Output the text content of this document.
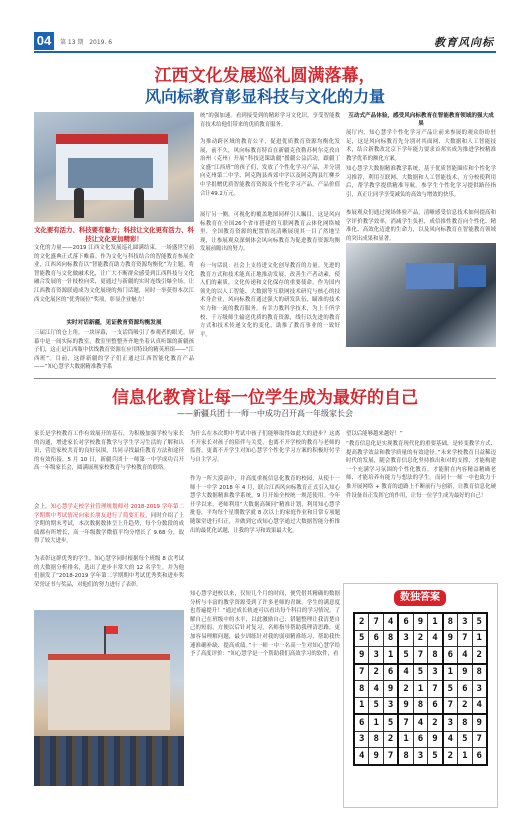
04	第 13 期 2019. 6	教育风向标
江西文化发展巡礼圆满落幕，
风向标教育彰显科技与文化的力量
文化要有活力、科技要有魅力；科技让文化更有活力、科技让文化更加精彩！
文化的力量——2019 江西文化发展巡礼圆满结束。一场盛世空前的文化盛典正式落下帷幕。作为文化与科技结合的智能教育参展企业，江西风向标教育以“智能教育助力教育资源均衡化”为主题，将智能教育与文化做融术化，让广大不断群众感受到江西科技与文化融合发展的一针枝校向荣，更通过与新疆的实时连线引爆全场，让江西教育资源联通成为文化展现的热门话题，同时一举获得本次江西文化展区的“优秀展位”奖项，彰显企业魅力！
实时对话新疆，见证教育资源均衡发展
三届江厅的仓上角，一块屏幕，一支话筒吸引了参观者的眼光。屏幕中是一间实际的教室，教室里整整齐齐地坐着认真听课的新疆孩子们，这正是江西瓶中伏线教育资源在应用特设的精英班组——“江西班”。目前，这群新疆的学子们正通过江西智能化教育产品——“知心慧学大数据精准教学系
统”的强加速。看到接受到的精彩学习文化识，享受智能教育技术给他们带来的优质教育服务。
为推动跨区域的教育公平，促进优质教育资源均衡化发展，前不久，风向标教育特首在新疆克孜勒苏柯尔克孜自治州（克州）开展“科技送课助疆”援疆公益活动，跟疆丁文盛“江西班”的孩子们，发放了个性化学习产品，并分别向克州第二中学、阿克陶县西郊中学以及阿克陶县红柳乡中学捐赠优质智能教育资源及个性化学习产品，产品价值合计49.2万元。
展厅另一侧，可视化的覆盖地图同样引人瞩目。这是风向标教育在全国26个省市搭建的互联网教育云体化网络城里，全国教育资源的配置情况清晰展现其一目了然地呈现，让参展观众深刻体会风向标教育为促进教育资源均衡发展前瞻出的努力。
有一句话说：社会上支持进文化创导教育的力量。先进的教育方式和技术能真正地推动发展，改善生产者动素，使人们的素质，文化传递和文化保存的重要使命。作为国内领先的以人工智能、大数据等互联网技术研究与核心的技术身企业，风向标教育通过强大的研发队伍，瞄准的技术实力和一流的教育服务，有幸力教科学技术，为上千所学校、千万级师生输送优质的教育资源，线行以先进的教育方式和技术传递文化的变化，助推了教育事业的一致好平。
互动式产品体验，感受风向标教育在智能教育领域的强大成果
展厅内，知心慧学个性化学习产品让前来参展的观众纷纷驻足，这是风向标教育先分别对其面网、大数据和人工智能技术，结合新教改北京下学年能力要求首邦实成为推进学校精准教学优革的额化方案。
知心慧学大数据精准教学系统，基于优质智能圈库和个性化学习推荐，利用互联网、大数据和人工智能技术，方分校使利用后，帮学教学提供精准导航。参学生个性化学习提供路径指引，真正让同学享受减负的高效与增效的快乐。
参展观众们通过现场体验产品，清晰感受信息技术如何提高和学评价教学效率，消减学生负担，成信推性教育向个性化、精准化、高效化迈进的生命力，以及风向标教育在智能教育领域的突出成果和显著。
信息化教育让每一位学生成为最好的自己
——新疆兵团十一师一中成功召开高一年级家长会
家长是学校教育工作有效展开的基石，为积极加强学校与家长的沟通，增进家长对学校教育教学与学生学习生活的了解和认识，营造家校共育的良好氛围，共同寻找最佳教育方法和途径的有效衔接，5 月 10 日，新疆兵团十一师第一中学成功召开高一年级家长会，圆满展现家校教育与学校教育的联络。
会上，知心慧学走校学业管理规划师对 2018-2019 学年第二学期期中考试情况向家长朋友进行了简要汇报，同时介绍了上学期的期末考试，本次数据数体呈上升趋势，每个分数段的成绩都有所增长，高一年级数学微值平均分增长了 9.68 分，取得了较大进步。
为表彰这群优秀的学生，知心慧学同时根据每个班级 8 次考试的大数据分析排名，选出了进步丰常大的 12 名学生。并为他们颁发了“2018-2019 学年第二学期期中考试优秀奖和进步奖荣誉证书与奖品，对他们的努力进行了表彰。
为什么在本次期中考试中孩子们能够取得如此大的进步？这离不开家长对孩子的陪伴与关爱，也离不开学校的教育与老师的监督。更离不开学生对知心慧学个性化学习方案的积极好付学与自主学习。
作为一所大漠高中，并高度重视信息化教育的校园，从使十一师十一中学 2018 年 4 月，联合江西风向标教育正式引入知心慧学大数据精准教学系统，9 月开始全校统一规范使用。今年开学以来，老师利用“大数据高频问”精准计划，利用知心慧学批卷，平均每个星期数学就 8 次以上的家庭作业和日常专项题随课堂进行归正，并做到它成知心慧学通过大数据智能分析推出的最优化试题，让我的学习和效果最大化。
知心慧学进校以来，仅短几个月的时间，便凭借其精确的数据分析与丰富的教学资源受到了许多老师的青睐。学生的满意度也普遍提升！“通过成长轨迹可以看出每个科目的学习情况，了解自己在班级中的水平，以此激励自己；错题整理让我清楚自己的短弱，方便以后针对复习，名师指导帮助我理清思路，更加容易理解问题，最少训练针对我的弱项精准练习，帮助我快速准确补缺、提高成绩。”十一师一中一名高一生对知心慧学给予了高度评价：“知心慧学是一个帮助我们高效学习的软件，看
望以后能够越来越好！”
“教育信息化是实现教育现代化的重要基础，是转变教学方式、提高教学效益和教学质量的有效途径。”未来学校教育日益稀迈时代的发展，随会教育信息化坚持推出和对的支撑，才能构建一个充满学习氛围的个性化教育。才能附在内容精益精确老师、才能培养有能力与想法的学生。而同十一师一中也致力于推开展网络 + 教育的道路上不断前行与创新，让教育信息化硬件设备真正发挥它的作用，让每一位学生成为最好的自己！
数独答案
2	7	4	6	9	1	8	3	5
5	6	8	3	2	4	9	7	1
9	3	1	5	7	8	6	4	2
7	2	6	4	5	3	1	9	8
8	4	9	2	1	7	5	6	3
1	5	3	9	8	6	7	2	4
6	1	5	7	4	2	3	8	9
3	8	2	1	6	9	4	5	7
4	9	7	8	3	5	2	1	6
